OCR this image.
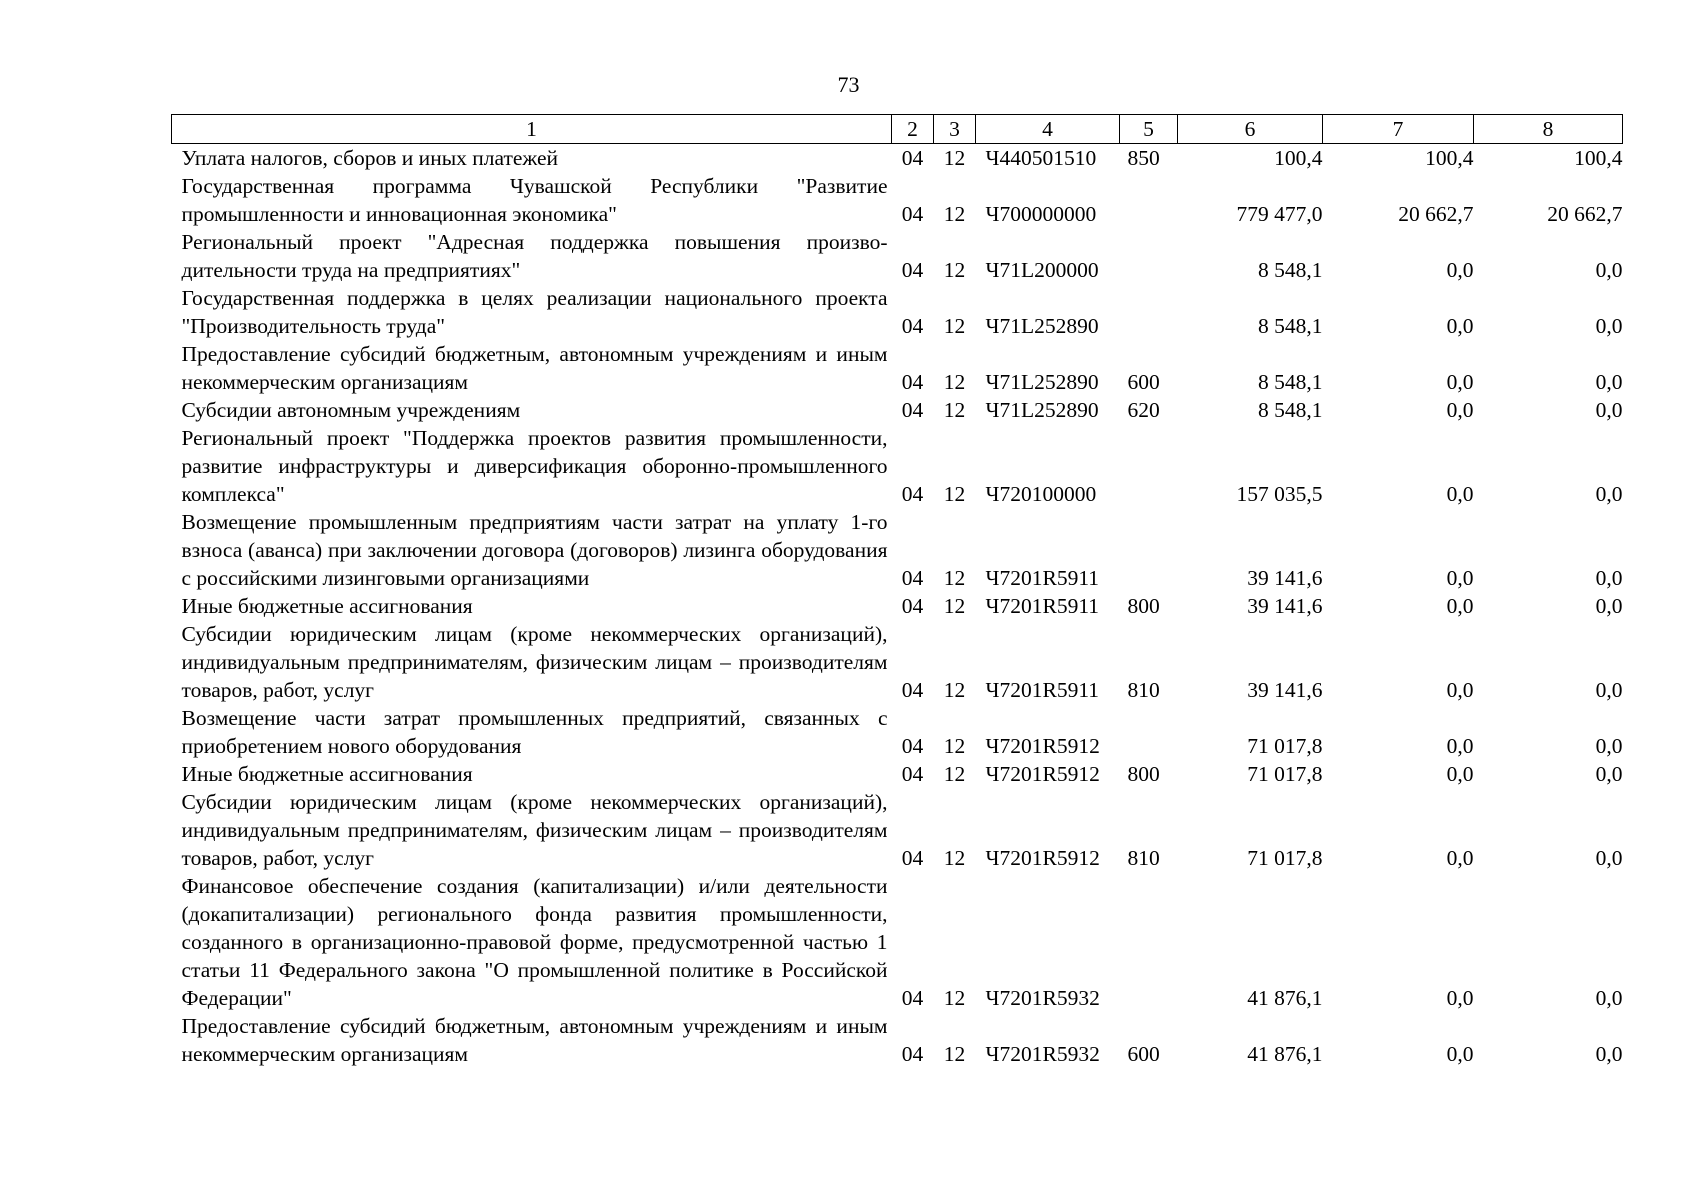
73
1	2	3	4	5	6	7	8
Уплата налогов, сборов и иных платежей	04	12	Ч440501510	850	100,4	100,4	100,4
Государственная программа Чувашской Республики "Развитие промышленности и инновационная экономика"	04	12	Ч700000000		779 477,0	20 662,7	20 662,7
Региональный проект "Адресная поддержка повышения производительности труда на предприятиях"	04	12	Ч71L200000		8 548,1	0,0	0,0
Государственная поддержка в целях реализации национального проекта "Производительность труда"	04	12	Ч71L252890		8 548,1	0,0	0,0
Предоставление субсидий бюджетным, автономным учреждениям и иным некоммерческим организациям	04	12	Ч71L252890	600	8 548,1	0,0	0,0
Субсидии автономным учреждениям	04	12	Ч71L252890	620	8 548,1	0,0	0,0
Региональный проект "Поддержка проектов развития промышленности, развитие инфраструктуры и диверсификация оборонно-промышленного комплекса"	04	12	Ч720100000		157 035,5	0,0	0,0
Возмещение промышленным предприятиям части затрат на уплату 1-го взноса (аванса) при заключении договора (договоров) лизинга оборудования с российскими лизинговыми организациями	04	12	Ч7201R5911		39 141,6	0,0	0,0
Иные бюджетные ассигнования	04	12	Ч7201R5911	800	39 141,6	0,0	0,0
Субсидии юридическим лицам (кроме некоммерческих организаций), индивидуальным предпринимателям, физическим лицам – производителям товаров, работ, услуг	04	12	Ч7201R5911	810	39 141,6	0,0	0,0
Возмещение части затрат промышленных предприятий, связанных с приобретением нового оборудования	04	12	Ч7201R5912		71 017,8	0,0	0,0
Иные бюджетные ассигнования	04	12	Ч7201R5912	800	71 017,8	0,0	0,0
Субсидии юридическим лицам (кроме некоммерческих организаций), индивидуальным предпринимателям, физическим лицам – производителям товаров, работ, услуг	04	12	Ч7201R5912	810	71 017,8	0,0	0,0
Финансовое обеспечение создания (капитализации) и/или деятельности (докапитализации) регионального фонда развития промышленности, созданного в организационно-правовой форме, предусмотренной частью 1 статьи 11 Федерального закона "О промышленной политике в Российской Федерации"	04	12	Ч7201R5932		41 876,1	0,0	0,0
Предоставление субсидий бюджетным, автономным учреждениям и иным некоммерческим организациям	04	12	Ч7201R5932	600	41 876,1	0,0	0,0
